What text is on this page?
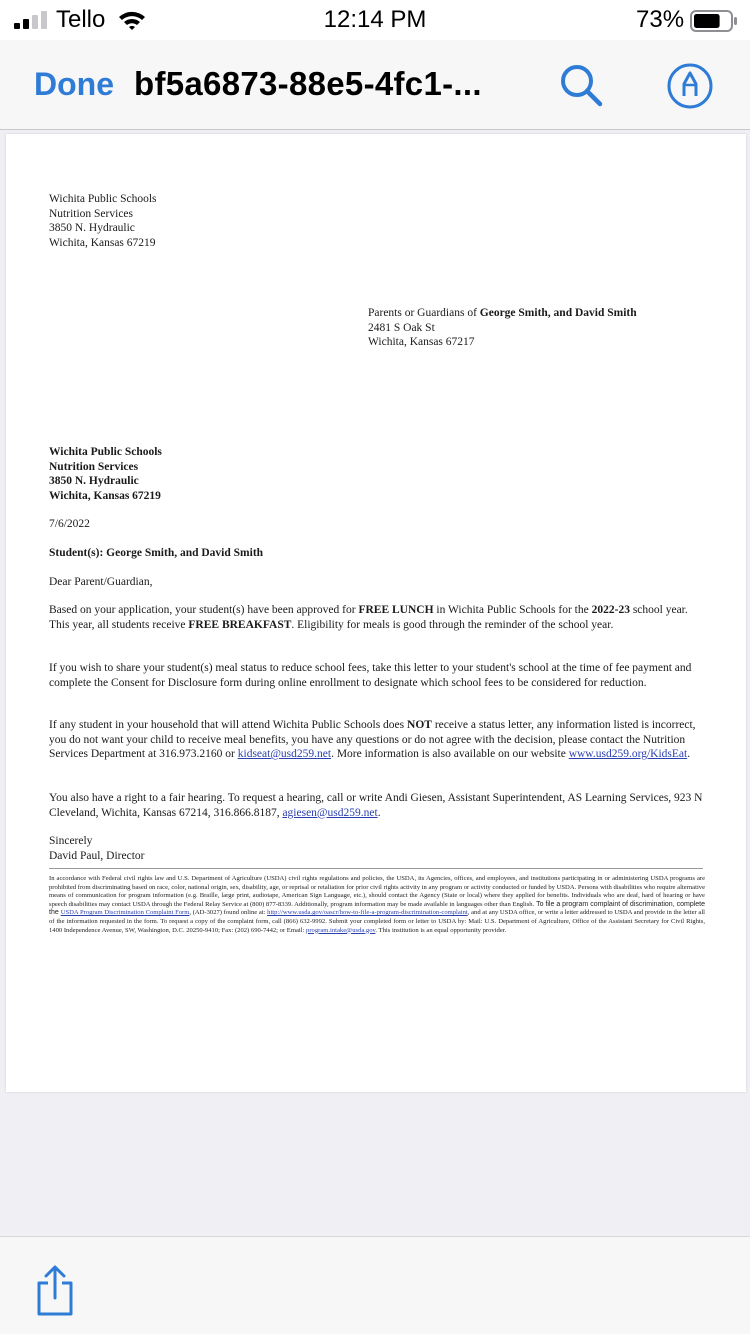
Tello	12:14 PM	73%
Done bf5a6873-88e5-4fc1-...
Wichita Public Schools
Nutrition Services
3850 N. Hydraulic
Wichita, Kansas 67219
Parents or Guardians of George Smith, and David Smith
2481 S Oak St
Wichita, Kansas 67217
Wichita Public Schools
Nutrition Services
3850 N. Hydraulic
Wichita, Kansas 67219
7/6/2022
Student(s): George Smith, and David Smith
Dear Parent/Guardian,
Based on your application, your student(s) have been approved for FREE LUNCH in Wichita Public Schools for the 2022-23 school year. This year, all students receive FREE BREAKFAST. Eligibility for meals is good through the reminder of the school year.
If you wish to share your student(s) meal status to reduce school fees, take this letter to your student's school at the time of fee payment and complete the Consent for Disclosure form during online enrollment to designate which school fees to be considered for reduction.
If any student in your household that will attend Wichita Public Schools does NOT receive a status letter, any information listed is incorrect, you do not want your child to receive meal benefits, you have any questions or do not agree with the decision, please contact the Nutrition Services Department at 316.973.2160 or kidseat@usd259.net. More information is also available on our website www.usd259.org/KidsEat.
You also have a right to a fair hearing. To request a hearing, call or write Andi Giesen, Assistant Superintendent, AS Learning Services, 923 N Cleveland, Wichita, Kansas 67214, 316.866.8187, agiesen@usd259.net.
Sincerely
David Paul, Director
In accordance with Federal civil rights law and U.S. Department of Agriculture (USDA) civil rights regulations and policies, the USDA, its Agencies, offices, and employees, and institutions participating in or administering USDA programs are prohibited from discriminating based on race, color, national origin, sex, disability, age, or reprisal or retaliation for prior civil rights activity in any program or activity conducted or funded by USDA. Persons with disabilities who require alternative means of communication for program information (e.g. Braille, large print, audiotape, American Sign Language, etc.), should contact the Agency (State or local) where they applied for benefits. Individuals who are deaf, hard of hearing or have speech disabilities may contact USDA through the Federal Relay Service at (800) 877-8339. Additionally, program information may be made available in languages other than English. To file a program complaint of discrimination, complete the USDA Program Discrimination Complaint Form, (AD-3027) found online at: http://www.usda.gov/oascr/how-to-file-a-program-discrimination-complaint, and at any USDA office, or write a letter addressed to USDA and provide in the letter all of the information requested in the form. To request a copy of the complaint form, call (866) 632-9992. Submit your completed form or letter to USDA by: Mail: U.S. Department of Agriculture, Office of the Assistant Secretary for Civil Rights, 1400 Independence Avenue, SW, Washington, D.C. 20250-9410; Fax: (202) 690-7442; or Email: program.intake@usda.gov. This institution is an equal opportunity provider.
